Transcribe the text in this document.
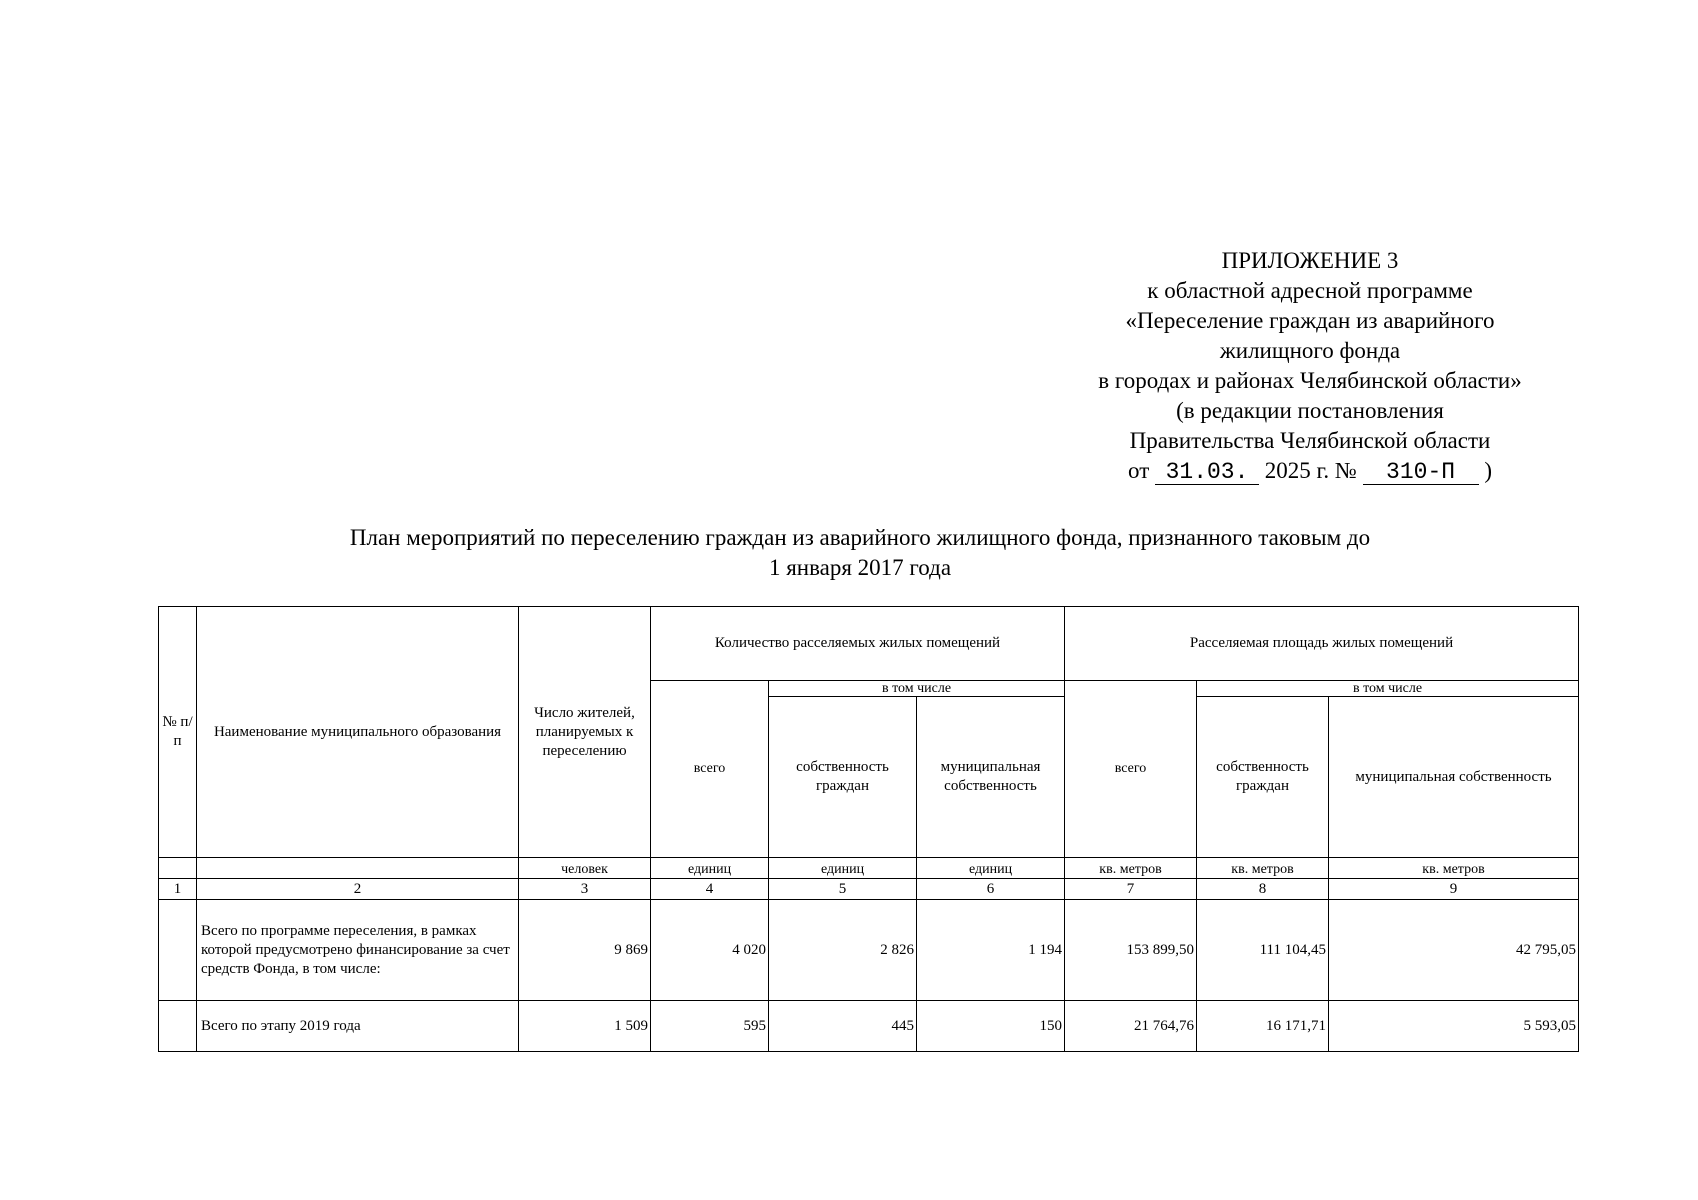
ПРИЛОЖЕНИЕ 3
к областной адресной программе
«Переселение граждан из аварийного
жилищного фонда
в городах и районах Челябинской области»
(в редакции постановления
Правительства Челябинской области
от 31.03. 2025 г. № 310-П )
План мероприятий по переселению граждан из аварийного жилищного фонда, признанного таковым до
1 января 2017 года
№ п/п	Наименование муниципального образования	Число жителей, планируемых к переселению	Количество расселяемых жилых помещений			Расселяемая площадь жилых помещений		
			всего	в том числе		всего	в том числе	
				собственность граждан	муниципальная собственность		собственность граждан	муниципальная собственность
		человек	единиц	единиц	единиц	кв. метров	кв. метров	кв. метров
1	2	3	4	5	6	7	8	9
	Всего по программе переселения, в рамках которой предусмотрено финансирование за счет средств Фонда, в том числе:	9 869	4 020	2 826	1 194	153 899,50	111 104,45	42 795,05
	Всего по этапу 2019 года	1 509	595	445	150	21 764,76	16 171,71	5 593,05
